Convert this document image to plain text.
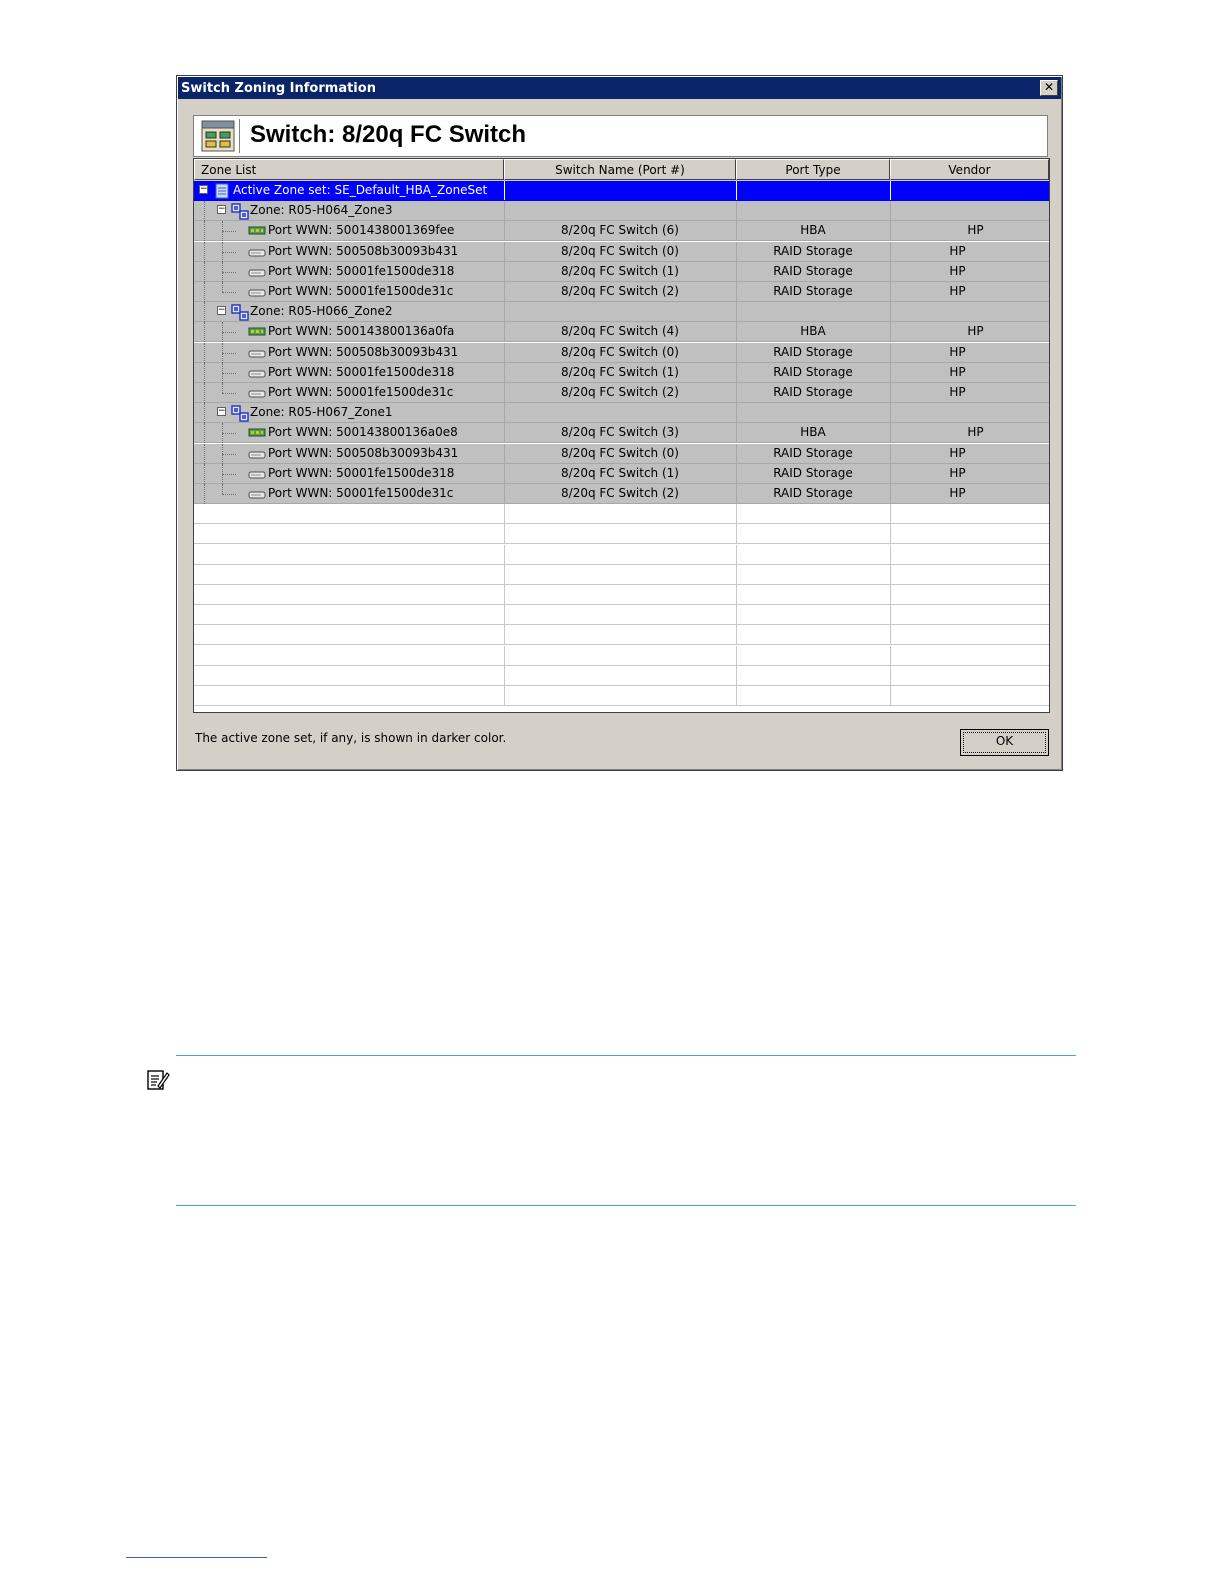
Switch Zoning Information	✕
Switch: 8/20q FC Switch
Zone List	Switch Name (Port #)	Port Type	Vendor
− Active Zone set: SE_Default_HBA_ZoneSet
− Zone: R05-H064_Zone3
Port WWN: 5001438001369fee	8/20q FC Switch (6)	HBA	HP
Port WWN: 500508b30093b431	8/20q FC Switch (0)	RAID Storage	HP
Port WWN: 50001fe1500de318	8/20q FC Switch (1)	RAID Storage	HP
Port WWN: 50001fe1500de31c	8/20q FC Switch (2)	RAID Storage	HP
− Zone: R05-H066_Zone2
Port WWN: 500143800136a0fa	8/20q FC Switch (4)	HBA	HP
Port WWN: 500508b30093b431	8/20q FC Switch (0)	RAID Storage	HP
Port WWN: 50001fe1500de318	8/20q FC Switch (1)	RAID Storage	HP
Port WWN: 50001fe1500de31c	8/20q FC Switch (2)	RAID Storage	HP
− Zone: R05-H067_Zone1
Port WWN: 500143800136a0e8	8/20q FC Switch (3)	HBA	HP
Port WWN: 500508b30093b431	8/20q FC Switch (0)	RAID Storage	HP
Port WWN: 50001fe1500de318	8/20q FC Switch (1)	RAID Storage	HP
Port WWN: 50001fe1500de31c	8/20q FC Switch (2)	RAID Storage	HP
The active zone set, if any, is shown in darker color.	OK
